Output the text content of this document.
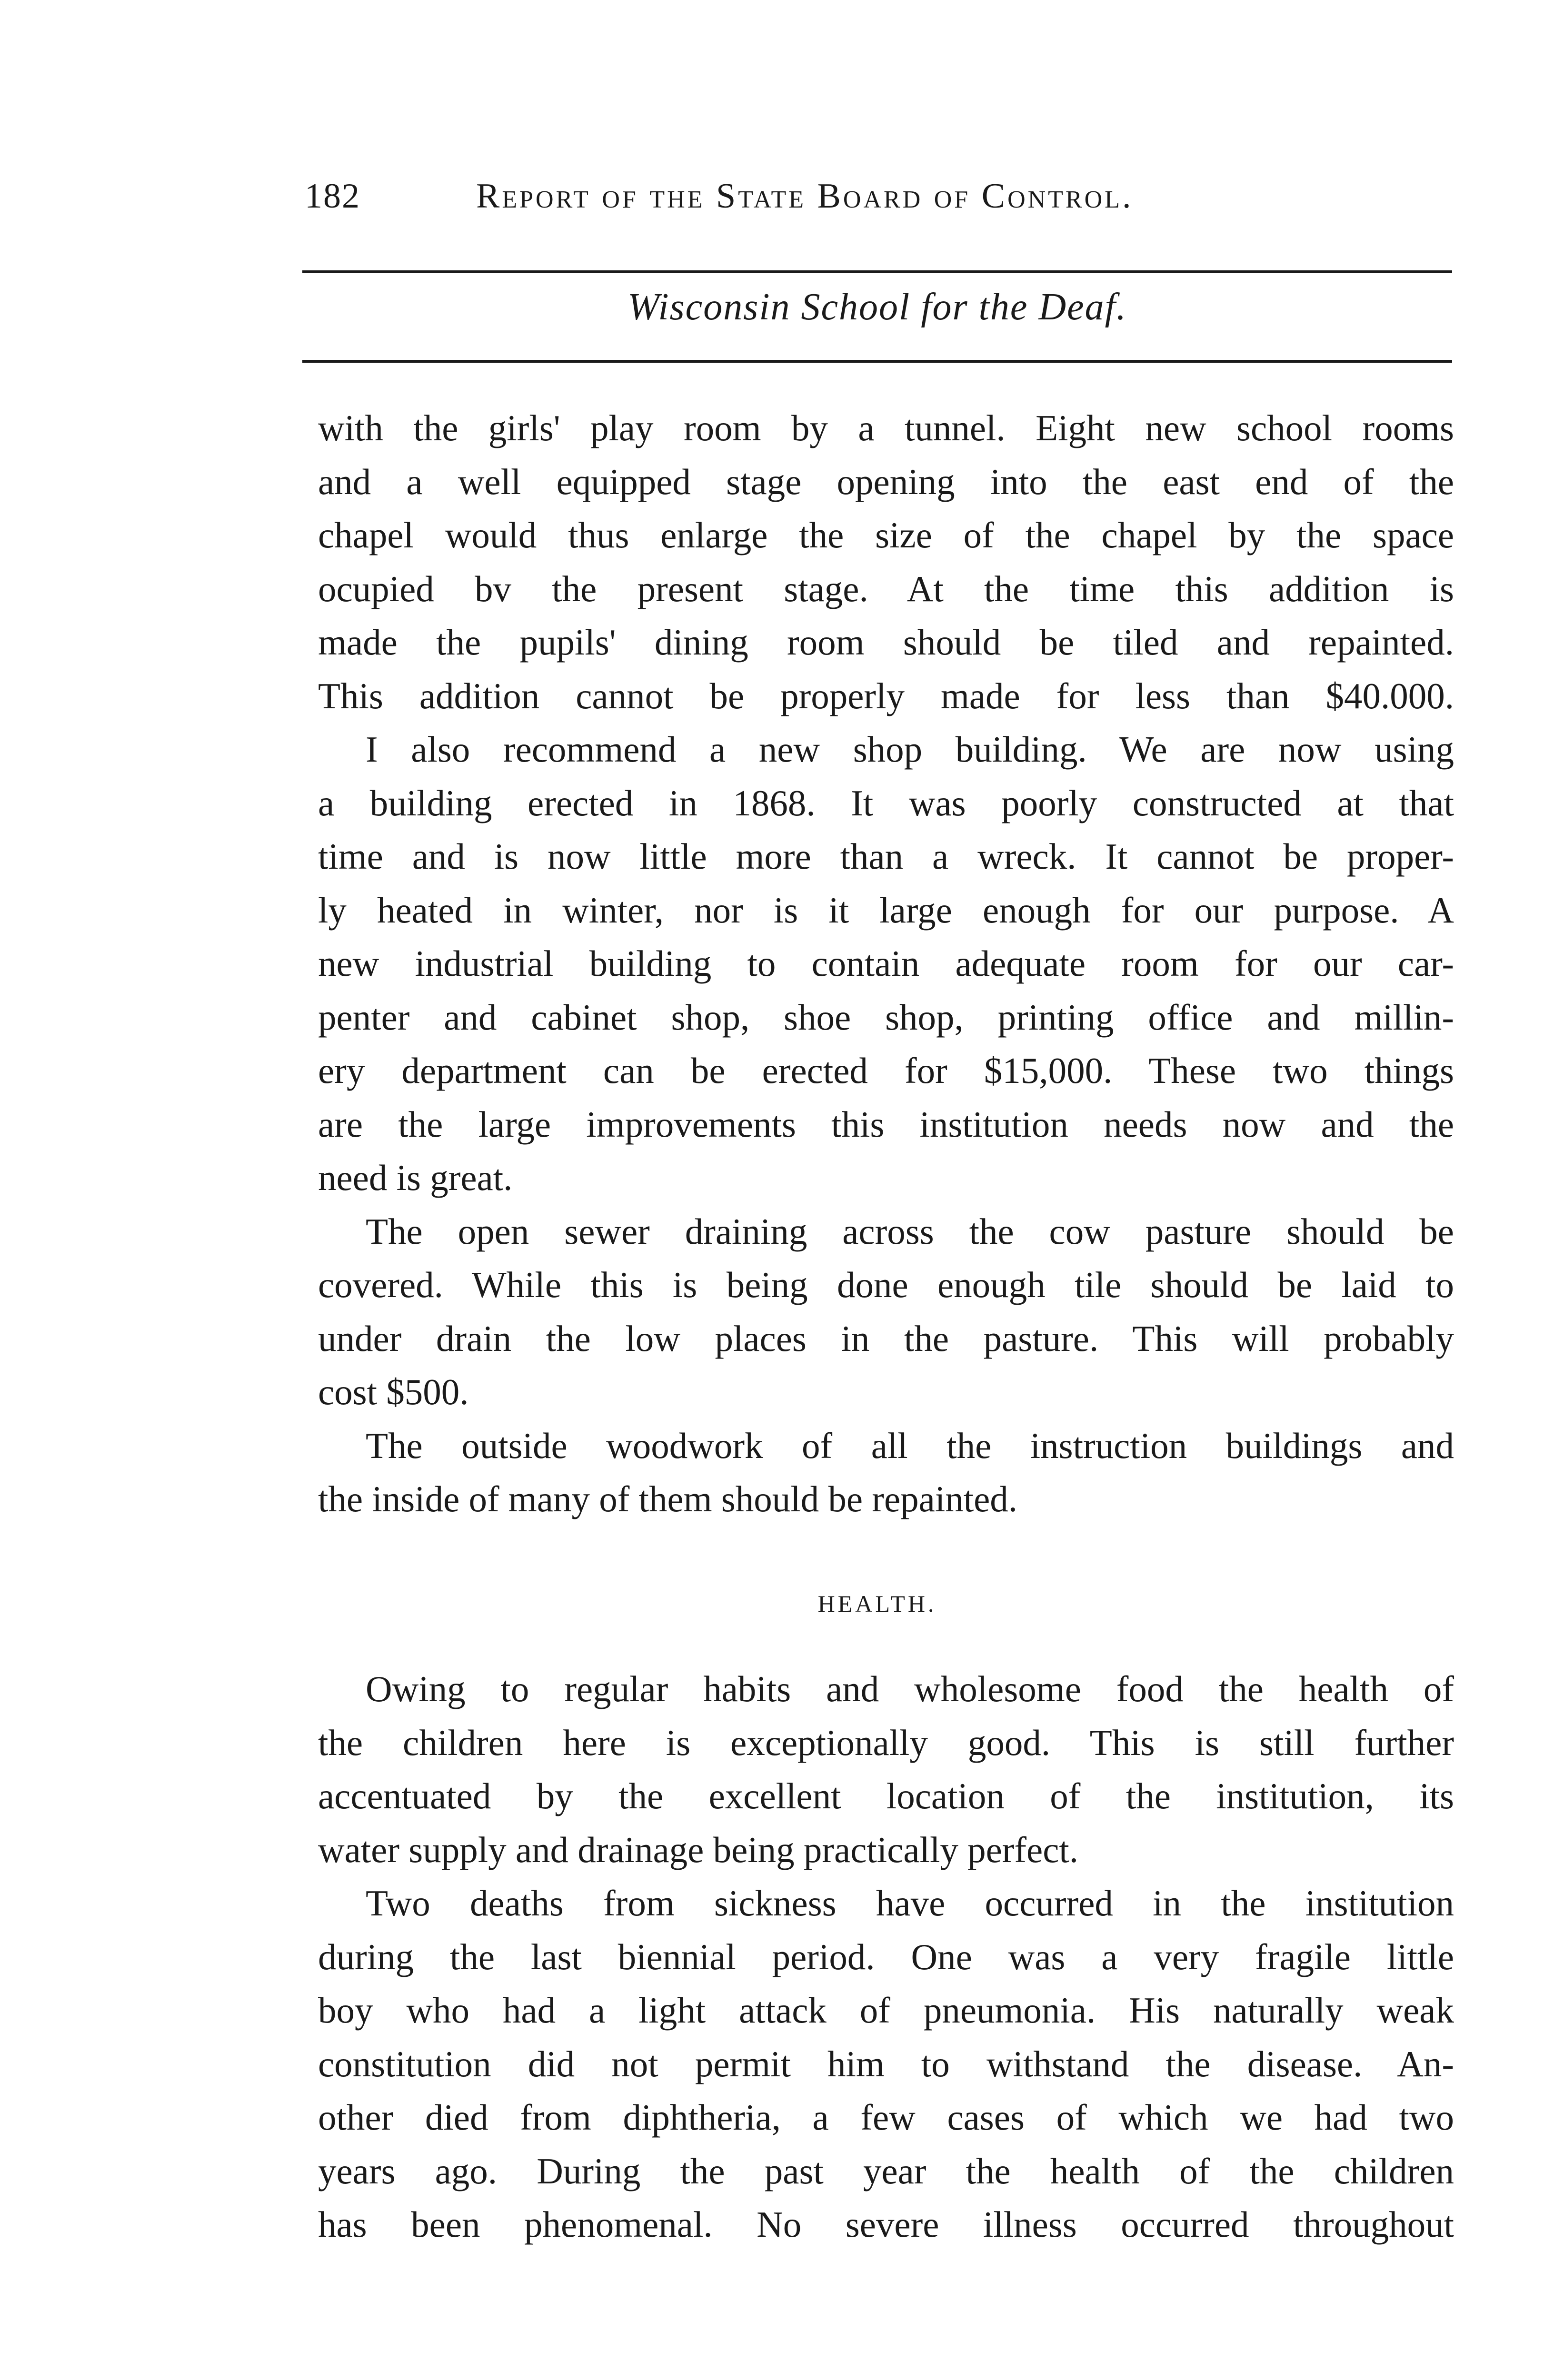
182	Report of the State Board of Control.
Wisconsin School for the Deaf.
with the girls' play room by a tunnel. Eight new school rooms
and a well equipped stage opening into the east end of the
chapel would thus enlarge the size of the chapel by the space
ocupied bv the present stage. At the time this addition is
made the pupils' dining room should be tiled and repainted.
This addition cannot be properly made for less than $40.000.
I also recommend a new shop building. We are now using
a building erected in 1868. It was poorly constructed at that
time and is now little more than a wreck. It cannot be proper-
ly heated in winter, nor is it large enough for our purpose. A
new industrial building to contain adequate room for our car-
penter and cabinet shop, shoe shop, printing office and millin-
ery department can be erected for $15,000. These two things
are the large improvements this institution needs now and the
need is great.
The open sewer draining across the cow pasture should be
covered. While this is being done enough tile should be laid to
under drain the low places in the pasture. This will probably
cost $500.
The outside woodwork of all the instruction buildings and
the inside of many of them should be repainted.
HEALTH.
Owing to regular habits and wholesome food the health of
the children here is exceptionally good. This is still further
accentuated by the excellent location of the institution, its
water supply and drainage being practically perfect.
Two deaths from sickness have occurred in the institution
during the last biennial period. One was a very fragile little
boy who had a light attack of pneumonia. His naturally weak
constitution did not permit him to withstand the disease. An-
other died from diphtheria, a few cases of which we had two
years ago. During the past year the health of the children
has been phenomenal. No severe illness occurred throughout
